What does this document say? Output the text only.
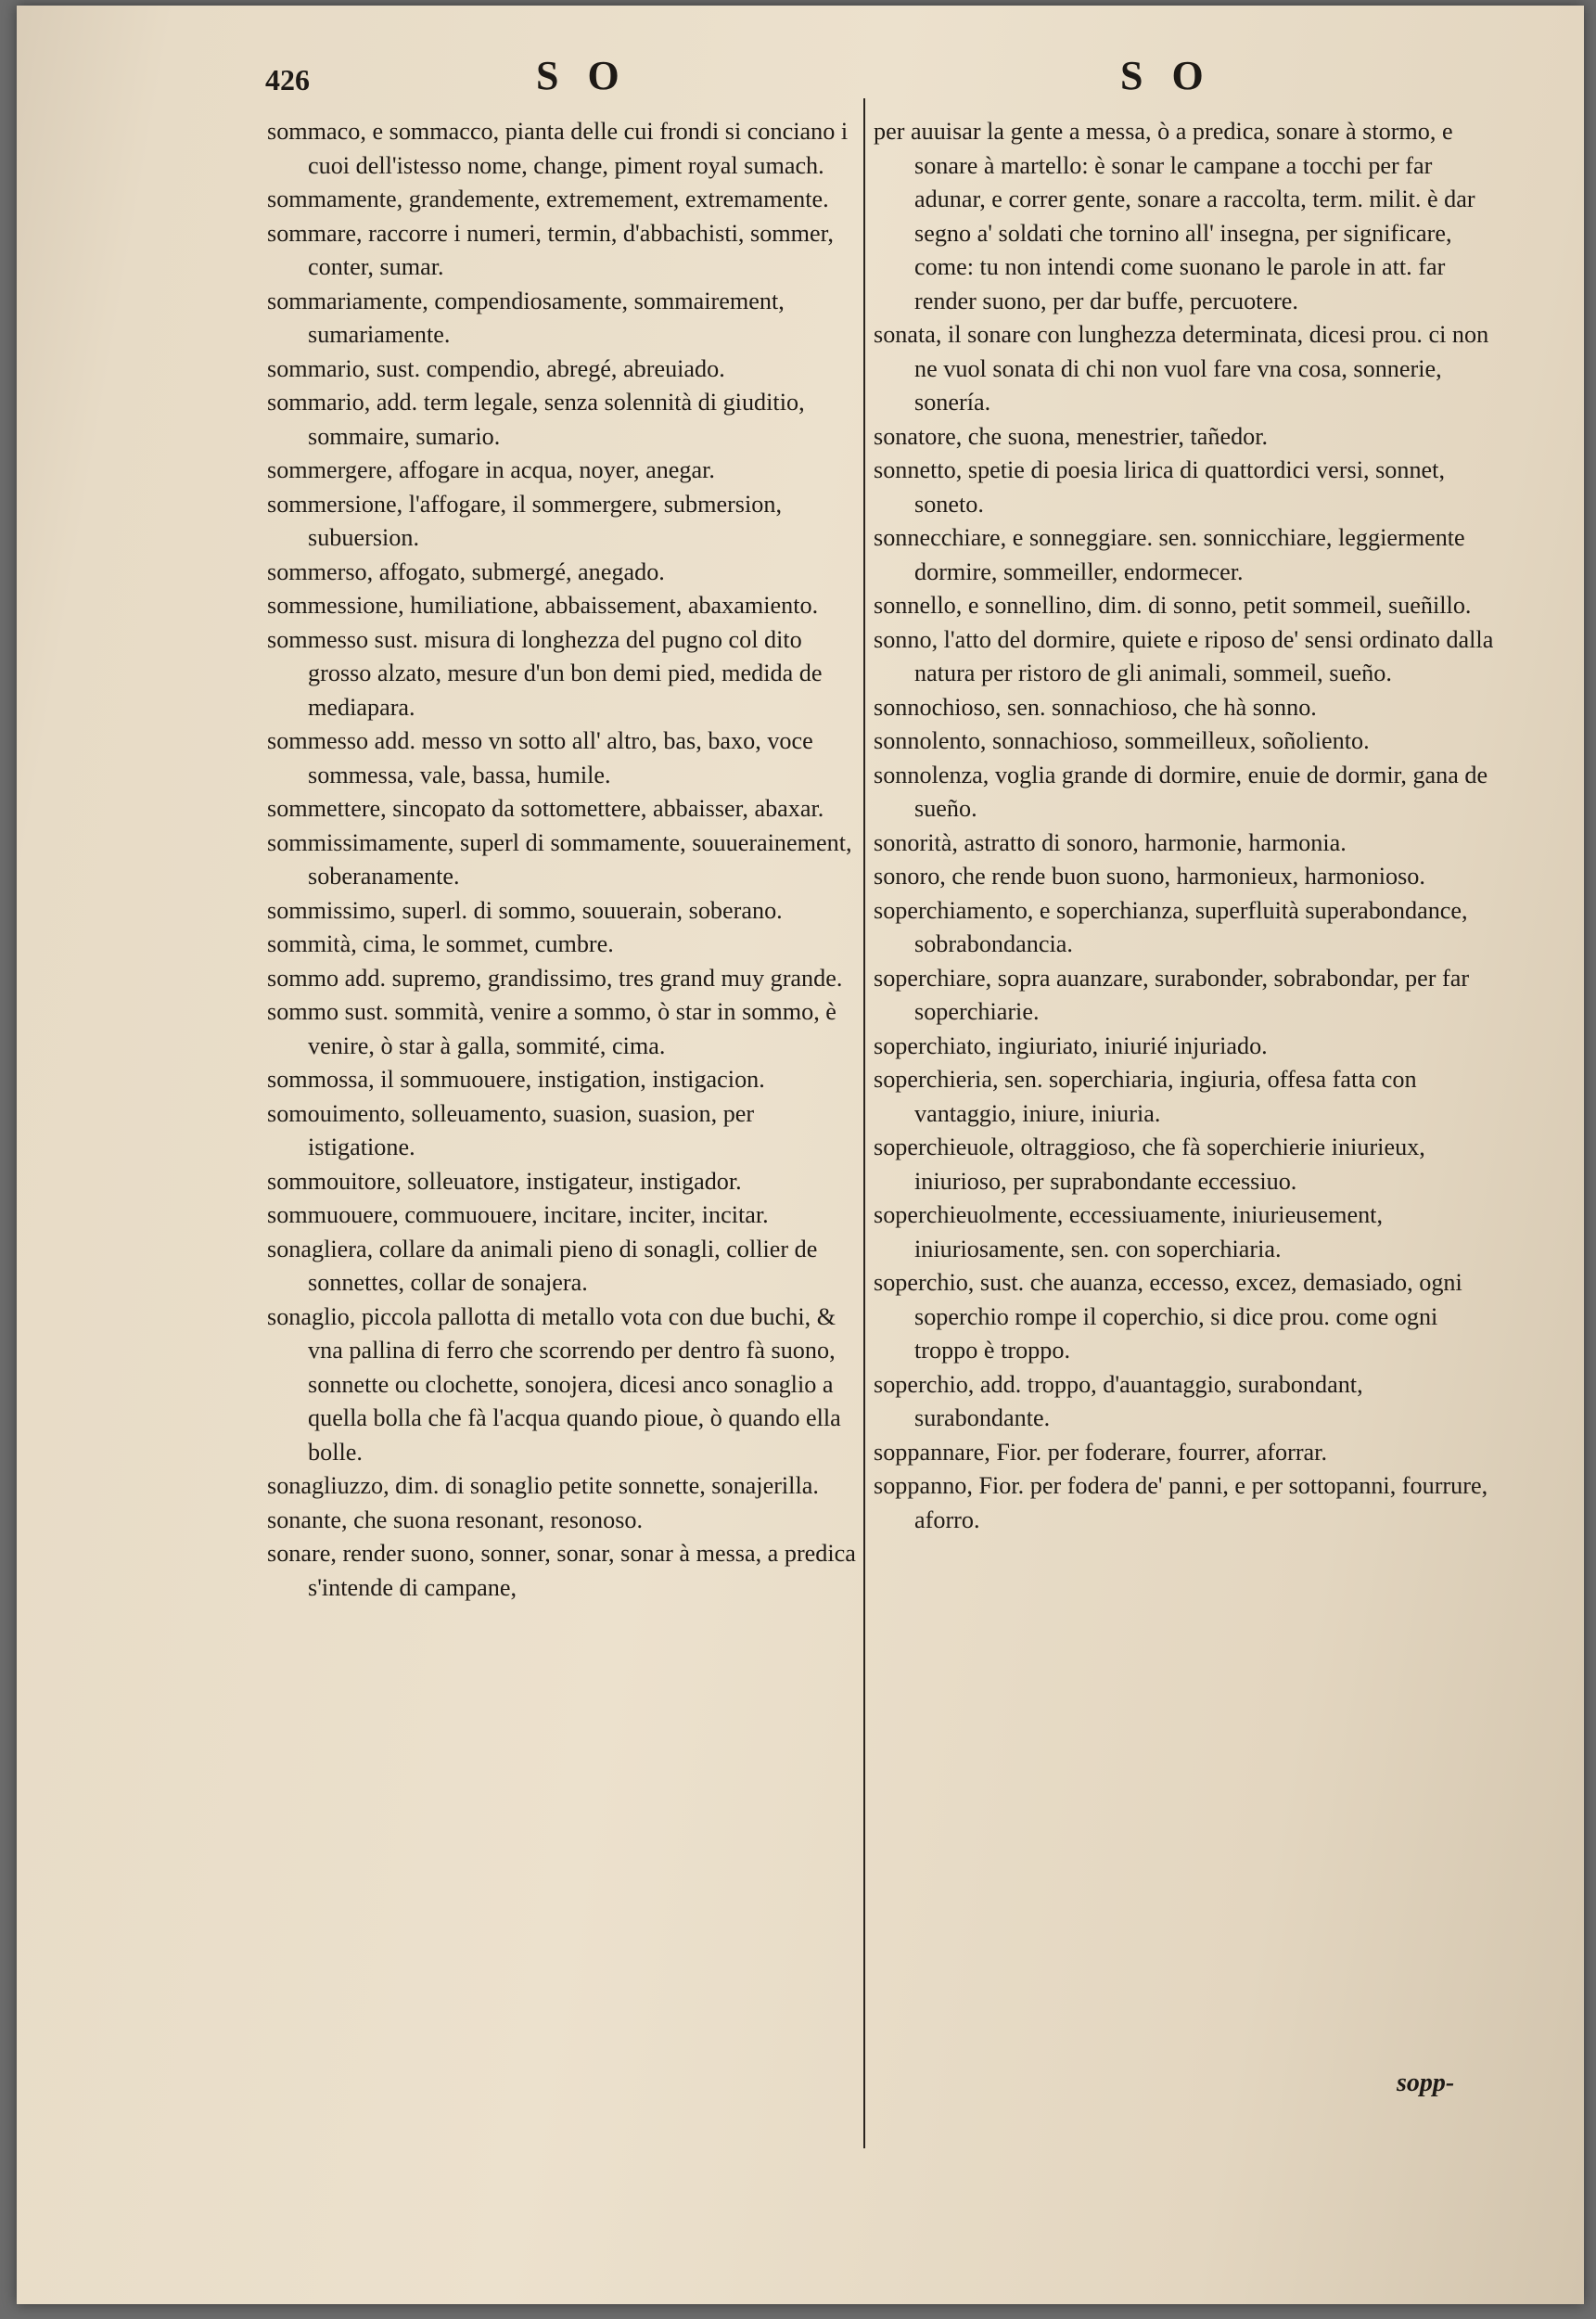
426	S O	S O

sommaco, e sommacco, pianta delle cui frondi si conciano i cuoi dell'istesso nome, change, piment royal sumach.

sommamente, grandemente, extremement, extremamente.

sommare, raccorre i numeri, termin, d'abbachisti, sommer, conter, sumar.

sommariamente, compendiosamente, sommairement, sumariamente.

sommario, sust. compendio, abregé, abreuiado.

sommario, add. term legale, senza solennità di giuditio, sommaire, sumario.

sommergere, affogare in acqua, noyer, anegar.

sommersione, l'affogare, il sommergere, submersion, subuersion.

sommerso, affogato, submergé, anegado.

sommessione, humiliatione, abbaissement, abaxamiento.

sommesso sust. misura di longhezza del pugno col dito grosso alzato, mesure d'un bon demi pied, medida de mediapara.

sommesso add. messo vn sotto all' altro, bas, baxo, voce sommessa, vale, bassa, humile.

sommettere, sincopato da sottomettere, abbaisser, abaxar.

sommissimamente, superl di sommamente, souuerainement, soberanamente.

sommissimo, superl. di sommo, souuerain, soberano.

sommità, cima, le sommet, cumbre.

sommo add. supremo, grandissimo, tres grand muy grande.

sommo sust. sommità, venire a sommo, ò star in sommo, è venire, ò star à galla, sommité, cima.

sommossa, il sommuouere, instigation, instigacion.

somouimento, solleuamento, suasion, suasion, per istigatione.

sommouitore, solleuatore, instigateur, instigador.

sommuouere, commuouere, incitare, inciter, incitar.

sonagliera, collare da animali pieno di sonagli, collier de sonnettes, collar de sonajera.

sonaglio, piccola pallotta di metallo vota con due buchi, & vna pallina di ferro che scorrendo per dentro fà suono, sonnette ou clochette, sonojera, dicesi anco sonaglio a quella bolla che fà l'acqua quando pioue, ò quando ella bolle.

sonagliuzzo, dim. di sonaglio petite sonnette, sonajerilla.

sonante, che suona resonant, resonoso.

sonare, render suono, sonner, sonar, sonar à messa, a predica s'intende di campane,

per auuisar la gente a messa, ò a predica, sonare à stormo, e sonare à martello: è sonar le campane a tocchi per far adunar, e correr gente, sonare a raccolta, term. milit. è dar segno a' soldati che tornino all' insegna, per significare, come: tu non intendi come suonano le parole in att. far render suono, per dar buffe, percuotere.

sonata, il sonare con lunghezza determinata, dicesi prou. ci non ne vuol sonata di chi non vuol fare vna cosa, sonnerie, sonería.

sonatore, che suona, menestrier, tañedor.

sonnetto, spetie di poesia lirica di quattordici versi, sonnet, soneto.

sonnecchiare, e sonneggiare. sen. sonnicchiare, leggiermente dormire, sommeiller, endormecer.

sonnello, e sonnellino, dim. di sonno, petit sommeil, sueñillo.

sonno, l'atto del dormire, quiete e riposo de' sensi ordinato dalla natura per ristoro de gli animali, sommeil, sueño.

sonnochioso, sen. sonnachioso, che hà sonno.

sonnolento, sonnachioso, sommeilleux, soñoliento.

sonnolenza, voglia grande di dormire, enuie de dormir, gana de sueño.

sonorità, astratto di sonoro, harmonie, harmonia.

sonoro, che rende buon suono, harmonieux, harmonioso.

soperchiamento, e soperchianza, superfluità superabondance, sobrabondancia.

soperchiare, sopra auanzare, surabonder, sobrabondar, per far soperchiarie.

soperchiato, ingiuriato, iniurié injuriado.

soperchieria, sen. soperchiaria, ingiuria, offesa fatta con vantaggio, iniure, iniuria.

soperchieuole, oltraggioso, che fà soperchierie iniurieux, iniurioso, per suprabondante eccessiuo.

soperchieuolmente, eccessiuamente, iniurieusement, iniuriosamente, sen. con soperchiaria.

soperchio, sust. che auanza, eccesso, excez, demasiado, ogni soperchio rompe il coperchio, si dice prou. come ogni troppo è troppo.

soperchio, add. troppo, d'auantaggio, surabondant, surabondante.

soppannare, Fior. per foderare, fourrer, aforrar.

soppanno, Fior. per fodera de' panni, e per sottopanni, fourrure, aforro.

sopp-
